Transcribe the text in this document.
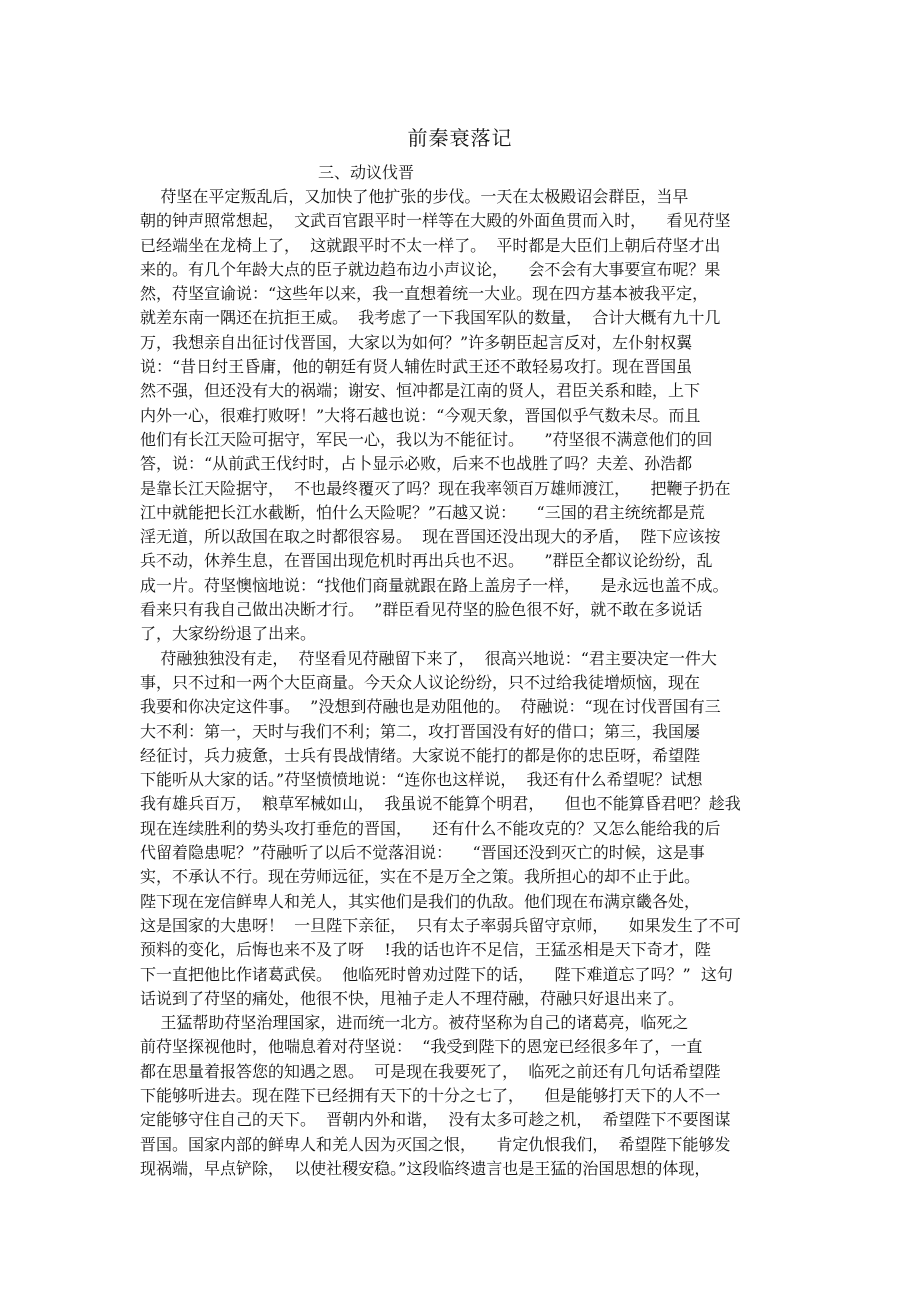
前秦衰落记
三、动议伐晋
苻坚在平定叛乱后，又加快了他扩张的步伐。一天在太极殿诏会群臣，当早
朝的钟声照常想起，  文武百官跟平时一样等在大殿的外面鱼贯而入时，    看见苻坚
已经端坐在龙椅上了，  这就跟平时不太一样了。  平时都是大臣们上朝后苻坚才出
来的。有几个年龄大点的臣子就边趋布边小声议论，    会不会有大事要宣布呢？果
然，苻坚宣谕说：“这些年以来，我一直想着统一大业。现在四方基本被我平定，
就差东南一隅还在抗拒王威。  我考虑了一下我国军队的数量，  合计大概有九十几
万，我想亲自出征讨伐晋国，大家以为如何？”许多朝臣起言反对，左仆射权翼
说：“昔日纣王昏庸，他的朝廷有贤人辅佐时武王还不敢轻易攻打。现在晋国虽
然不强，但还没有大的祸端；谢安、恒冲都是江南的贤人，君臣关系和睦，上下
内外一心，很难打败呀！”大将石越也说：“今观天象，晋国似乎气数未尽。而且
他们有长江天险可据守，军民一心，我以为不能征讨。    ”苻坚很不满意他们的回
答，说：“从前武王伐纣时，占卜显示必败，后来不也战胜了吗？夫差、孙浩都
是靠长江天险据守，  不也最终覆灭了吗？现在我率领百万雄师渡江，    把鞭子扔在
江中就能把长江水截断，怕什么天险呢？”石越又说：    “三国的君主统统都是荒
淫无道，所以敌国在取之时都很容易。  现在晋国还没出现大的矛盾，  陛下应该按
兵不动，休养生息，在晋国出现危机时再出兵也不迟。    ”群臣全都议论纷纷，乱
成一片。苻坚懊恼地说：“找他们商量就跟在路上盖房子一样，    是永远也盖不成。
看来只有我自己做出决断才行。  ”群臣看见苻坚的脸色很不好，就不敢在多说话
了，大家纷纷退了出来。
苻融独独没有走，  苻坚看见苻融留下来了，  很高兴地说：“君主要决定一件大
事，只不过和一两个大臣商量。今天众人议论纷纷，只不过给我徒增烦恼，现在
我要和你决定这件事。  ”没想到苻融也是劝阻他的。  苻融说：“现在讨伐晋国有三
大不利：第一，天时与我们不利；第二，攻打晋国没有好的借口；第三，我国屡
经征讨，兵力疲惫，士兵有畏战情绪。大家说不能打的都是你的忠臣呀，希望陛
下能听从大家的话。”苻坚愤愤地说：“连你也这样说，  我还有什么希望呢？试想
我有雄兵百万，  粮草军械如山，  我虽说不能算个明君，    但也不能算昏君吧？趁我
现在连续胜利的势头攻打垂危的晋国，    还有什么不能攻克的？又怎么能给我的后
代留着隐患呢？”苻融听了以后不觉落泪说：    “晋国还没到灭亡的时候，这是事
实，不承认不行。现在劳师远征，实在不是万全之策。我所担心的却不止于此。
陛下现在宠信鲜卑人和羌人，其实他们是我们的仇敌。他们现在布满京畿各处，
这是国家的大患呀！  一旦陛下亲征，  只有太子率弱兵留守京师，    如果发生了不可
预料的变化，后悔也来不及了呀    !我的话也许不足信，王猛丞相是天下奇才，陛
下一直把他比作诸葛武侯。  他临死时曾劝过陛下的话，    陛下难道忘了吗？”  这句
话说到了苻坚的痛处，他很不快，甩袖子走人不理苻融，苻融只好退出来了。
王猛帮助苻坚治理国家，进而统一北方。被苻坚称为自己的诸葛亮，临死之
前苻坚探视他时，他喘息着对苻坚说：  “我受到陛下的恩宠已经很多年了，一直
都在思量着报答您的知遇之恩。  可是现在我要死了，  临死之前还有几句话希望陛
下能够听进去。现在陛下已经拥有天下的十分之七了，    但是能够打天下的人不一
定能够守住自己的天下。  晋朝内外和谐，  没有太多可趁之机，  希望陛下不要图谋
晋国。国家内部的鲜卑人和羌人因为灭国之恨，    肯定仇恨我们，  希望陛下能够发
现祸端，早点铲除，  以使社稷安稳。”这段临终遗言也是王猛的治国思想的体现，
